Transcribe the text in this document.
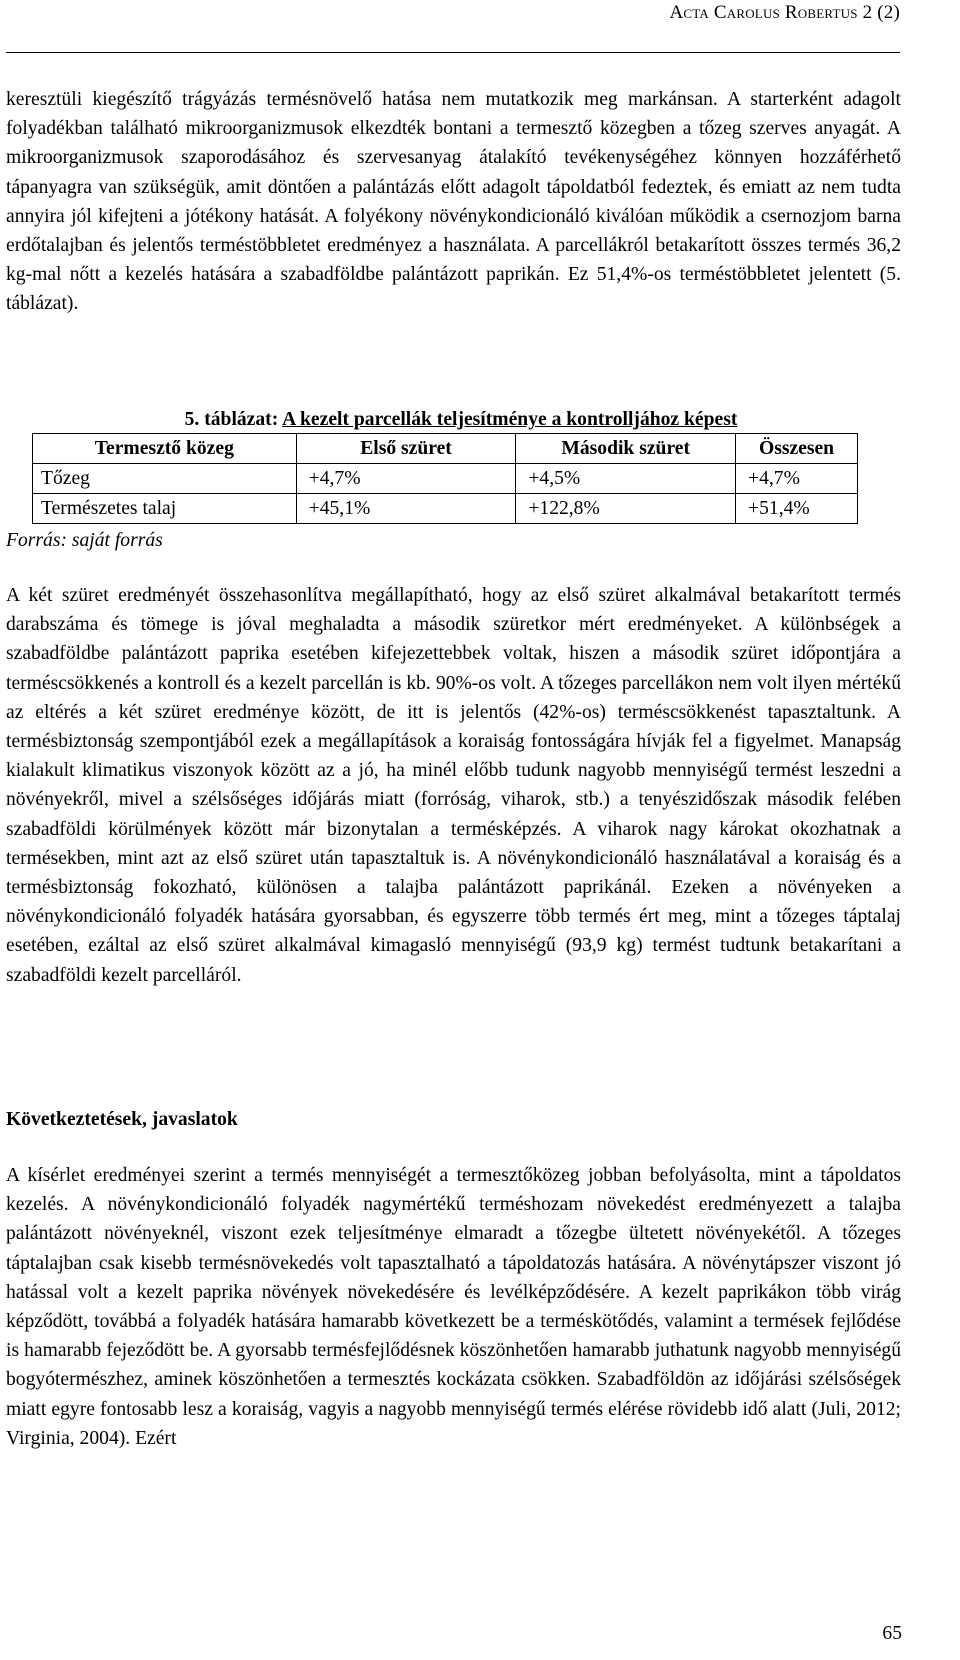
Acta Carolus Robertus 2 (2)

keresztüli kiegészítő trágyázás termésnövelő hatása nem mutatkozik meg markánsan. A starterként adagolt folyadékban található mikroorganizmusok elkezdték bontani a termesztő közegben a tőzeg szerves anyagát. A mikroorganizmusok szaporodásához és szervesanyag átalakító tevékenységéhez könnyen hozzáférhető tápanyagra van szükségük, amit döntően a palántázás előtt adagolt tápoldatból fedeztek, és emiatt az nem tudta annyira jól kifejteni a jótékony hatását. A folyékony növénykondicionáló kiválóan működik a csernozjom barna erdőtalajban és jelentős terméstöbbletet eredményez a használata. A parcellákról betakarított összes termés 36,2 kg-mal nőtt a kezelés hatására a szabadföldbe palántázott paprikán. Ez 51,4%-os terméstöbbletet jelentett (5. táblázat).

5. táblázat: A kezelt parcellák teljesítménye a kontrolljához képest
Termesztő közeg	Első szüret	Második szüret	Összesen
Tőzeg	+4,7%	+4,5%	+4,7%
Természetes talaj	+45,1%	+122,8%	+51,4%
Forrás: saját forrás

A két szüret eredményét összehasonlítva megállapítható, hogy az első szüret alkalmával betakarított termés darabszáma és tömege is jóval meghaladta a második szüretkor mért eredményeket. A különbségek a szabadföldbe palántázott paprika esetében kifejezettebbek voltak, hiszen a második szüret időpontjára a terméscsökkenés a kontroll és a kezelt parcellán is kb. 90%-os volt. A tőzeges parcellákon nem volt ilyen mértékű az eltérés a két szüret eredménye között, de itt is jelentős (42%-os) terméscsökkenést tapasztaltunk. A termésbiztonság szempontjából ezek a megállapítások a koraiság fontosságára hívják fel a figyelmet. Manapság kialakult klimatikus viszonyok között az a jó, ha minél előbb tudunk nagyobb mennyiségű termést leszedni a növényekről, mivel a szélsőséges időjárás miatt (forróság, viharok, stb.) a tenyészidőszak második felében szabadföldi körülmények között már bizonytalan a termésképzés. A viharok nagy károkat okozhatnak a termésekben, mint azt az első szüret után tapasztaltuk is. A növénykondicionáló használatával a koraiság és a termésbiztonság fokozható, különösen a talajba palántázott paprikánál. Ezeken a növényeken a növénykondicionáló folyadék hatására gyorsabban, és egyszerre több termés ért meg, mint a tőzeges táptalaj esetében, ezáltal az első szüret alkalmával kimagasló mennyiségű (93,9 kg) termést tudtunk betakarítani a szabadföldi kezelt parcelláról.

Következtetések, javaslatok

A kísérlet eredményei szerint a termés mennyiségét a termesztőközeg jobban befolyásolta, mint a tápoldatos kezelés. A növénykondicionáló folyadék nagymértékű terméshozam növekedést eredményezett a talajba palántázott növényeknél, viszont ezek teljesítménye elmaradt a tőzegbe ültetett növényekétől. A tőzeges táptalajban csak kisebb termésnövekedés volt tapasztalható a tápoldatozás hatására. A növénytápszer viszont jó hatással volt a kezelt paprika növények növekedésére és levélképződésére. A kezelt paprikákon több virág képződött, továbbá a folyadék hatására hamarabb következett be a terméskötődés, valamint a termések fejlődése is hamarabb fejeződött be. A gyorsabb termésfejlődésnek köszönhetően hamarabb juthatunk nagyobb mennyiségű bogyótermészhez, aminek köszönhetően a termesztés kockázata csökken. Szabadföldön az időjárási szélsőségek miatt egyre fontosabb lesz a koraiság, vagyis a nagyobb mennyiségű termés elérése rövidebb idő alatt (Juli, 2012; Virginia, 2004). Ezért

65
